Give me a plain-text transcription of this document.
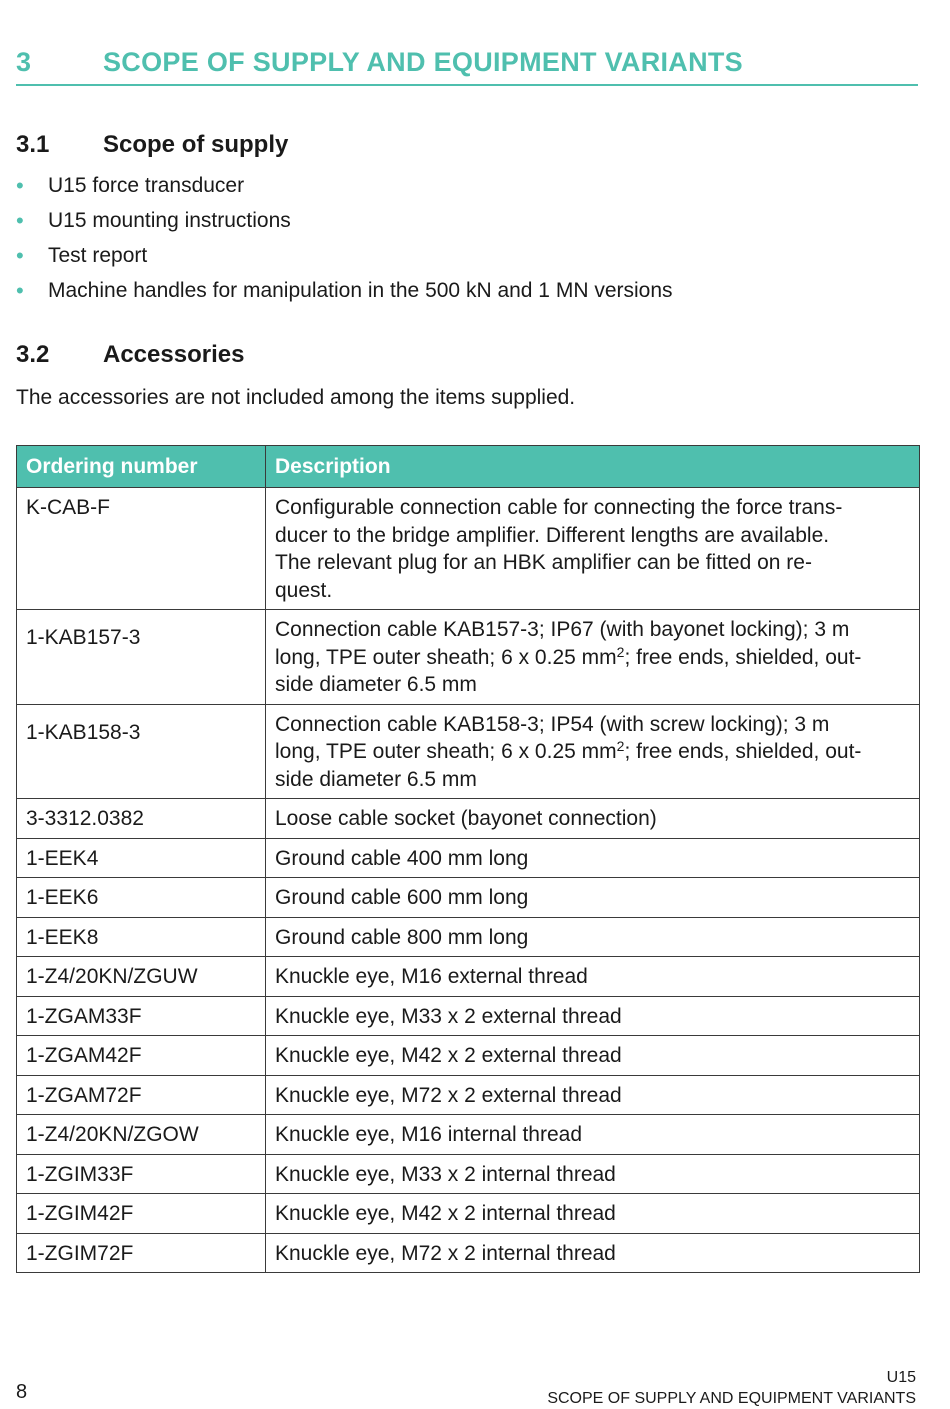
3	SCOPE OF SUPPLY AND EQUIPMENT VARIANTS
3.1 Scope of supply
• U15 force transducer
• U15 mounting instructions
• Test report
• Machine handles for manipulation in the 500 kN and 1 MN versions
3.2 Accessories
The accessories are not included among the items supplied.
Ordering number	Description

K-CAB-F	Configurable connection cable for connecting the force trans-
ducer to the bridge amplifier. Different lengths are available.
The relevant plug for an HBK amplifier can be fitted on re-
quest.

1-KAB157-3	Connection cable KAB157-3; IP67 (with bayonet locking); 3 m
long, TPE outer sheath; 6 x 0.25 $mm^2$; free ends, shielded, out-
side diameter 6.5 mm

1-KAB158-3	Connection cable KAB158-3; IP54 (with screw locking); 3 m
long, TPE outer sheath; 6 x 0.25 $mm^2$; free ends, shielded, out-
side diameter 6.5 mm

3-3312.0382	Loose cable socket (bayonet connection)
1-EEK4	Ground cable 400 mm long
1-EEK6	Ground cable 600 mm long
1-EEK8	Ground cable 800 mm long
1-Z4/20KN/ZGUW	Knuckle eye, M16 external thread
1-ZGAM33F	Knuckle eye, M33 x 2 external thread
1-ZGAM42F	Knuckle eye, M42 x 2 external thread
1-ZGAM72F	Knuckle eye, M72 x 2 external thread
1-Z4/20KN/ZGOW	Knuckle eye, M16 internal thread
1-ZGIM33F	Knuckle eye, M33 x 2 internal thread
1-ZGIM42F	Knuckle eye, M42 x 2 internal thread
1-ZGIM72F	Knuckle eye, M72 x 2 internal thread
8
U15
SCOPE OF SUPPLY AND EQUIPMENT VARIANTS
